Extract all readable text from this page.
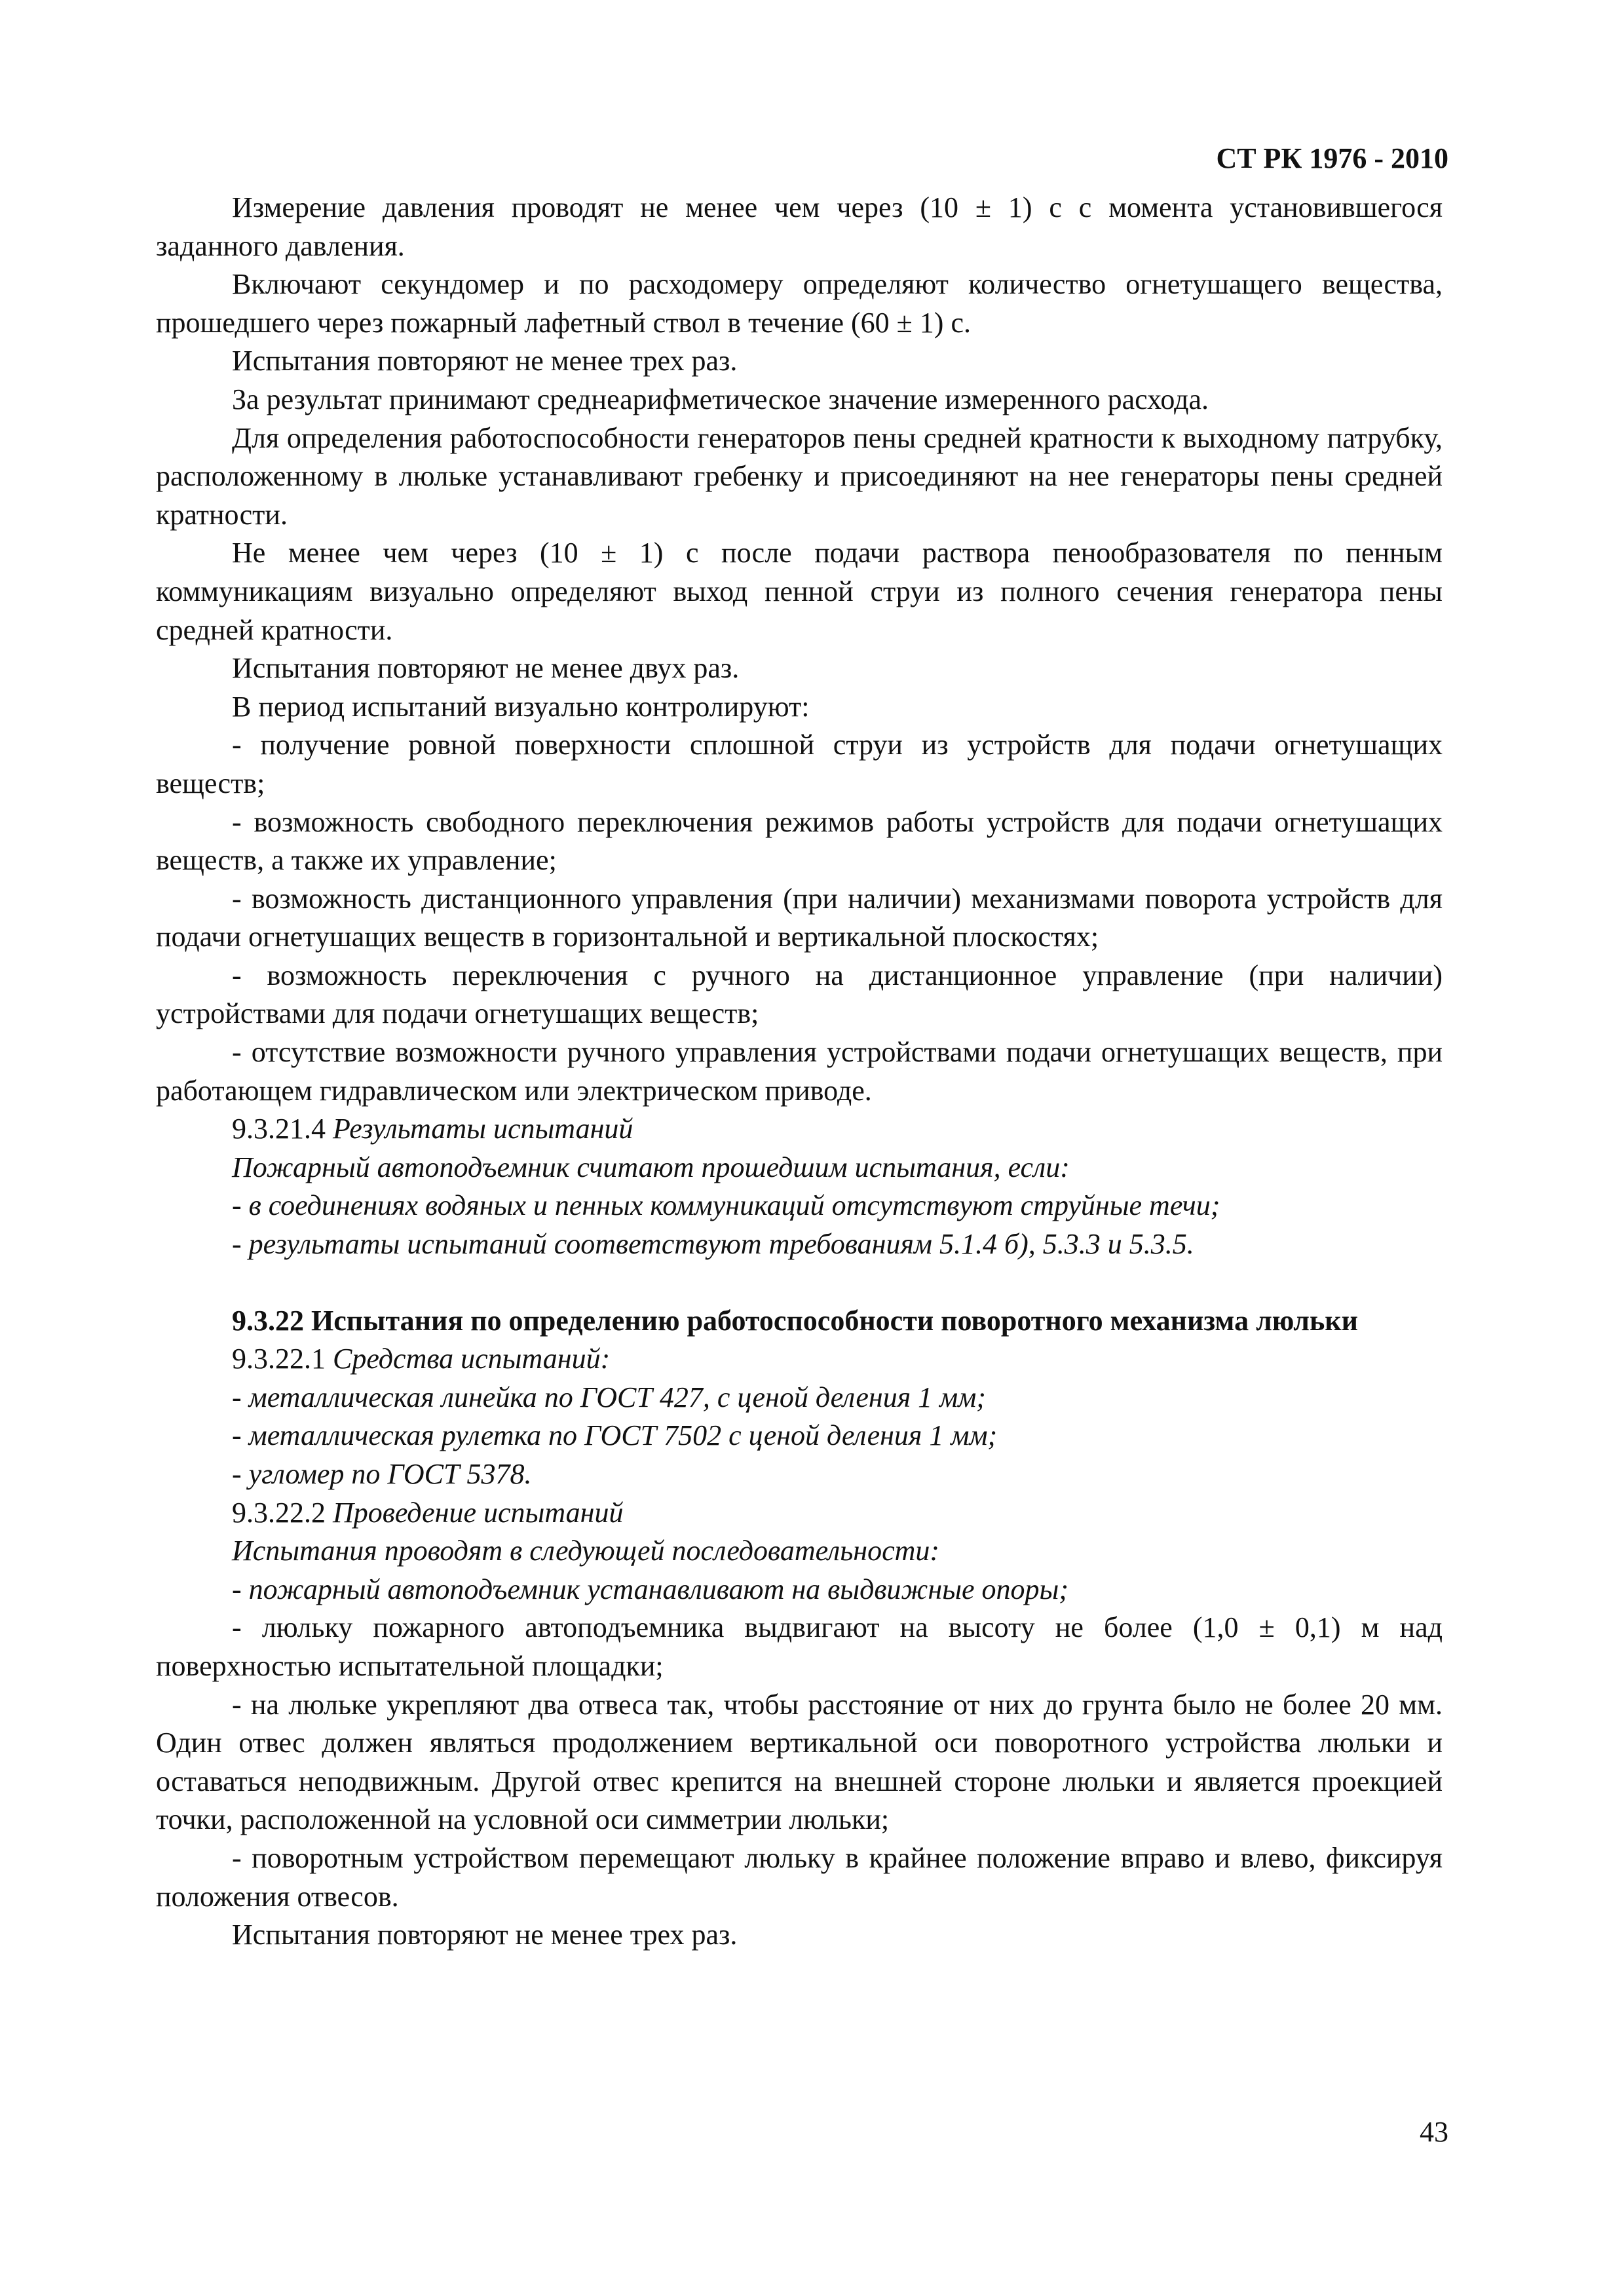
СТ РК 1976 - 2010

Измерение давления проводят не менее чем через (10 ± 1) с с момента установившегося заданного давления.

Включают секундомер и по расходомеру определяют количество огнетушащего вещества, прошедшего через пожарный лафетный ствол в течение (60 ± 1) с.

Испытания повторяют не менее трех раз.

За результат принимают среднеарифметическое значение измеренного расхода.

Для определения работоспособности генераторов пены средней кратности к выходному патрубку, расположенному в люльке устанавливают гребенку и присоединяют на нее генераторы пены средней кратности.

Не менее чем через (10 ± 1) с после подачи раствора пенообразователя по пенным коммуникациям визуально определяют выход пенной струи из полного сечения генератора пены средней кратности.

Испытания повторяют не менее двух раз.

В период испытаний визуально контролируют:

- получение ровной поверхности сплошной струи из устройств для подачи огнетушащих веществ;

- возможность свободного переключения режимов работы устройств для подачи огнетушащих веществ, а также их управление;

- возможность дистанционного управления (при наличии) механизмами поворота устройств для подачи огнетушащих веществ в горизонтальной и вертикальной плоскостях;

- возможность переключения с ручного на дистанционное управление (при наличии) устройствами для подачи огнетушащих веществ;

- отсутствие возможности ручного управления устройствами подачи огнетушащих веществ, при работающем гидравлическом или электрическом приводе.

9.3.21.4 Результаты испытаний

Пожарный автоподъемник считают прошедшим испытания, если:

- в соединениях водяных и пенных коммуникаций отсутствуют струйные течи;

- результаты испытаний соответствуют требованиям 5.1.4 б), 5.3.3 и 5.3.5.

9.3.22 Испытания по определению работоспособности поворотного механизма люльки

9.3.22.1 Средства испытаний:

- металлическая линейка по ГОСТ 427, с ценой деления 1 мм;

- металлическая рулетка по ГОСТ 7502 с ценой деления 1 мм;

- угломер по ГОСТ 5378.

9.3.22.2 Проведение испытаний

Испытания проводят в следующей последовательности:

- пожарный автоподъемник устанавливают на выдвижные опоры;

- люльку пожарного автоподъемника выдвигают на высоту не более (1,0 ± 0,1) м над поверхностью испытательной площадки;

- на люльке укрепляют два отвеса так, чтобы расстояние от них до грунта было не более 20 мм. Один отвес должен являться продолжением вертикальной оси поворотного устройства люльки и оставаться неподвижным. Другой отвес крепится на внешней стороне люльки и является проекцией точки, расположенной на условной оси симметрии люльки;

- поворотным устройством перемещают люльку в крайнее положение вправо и влево, фиксируя положения отвесов.

Испытания повторяют не менее трех раз.

43
